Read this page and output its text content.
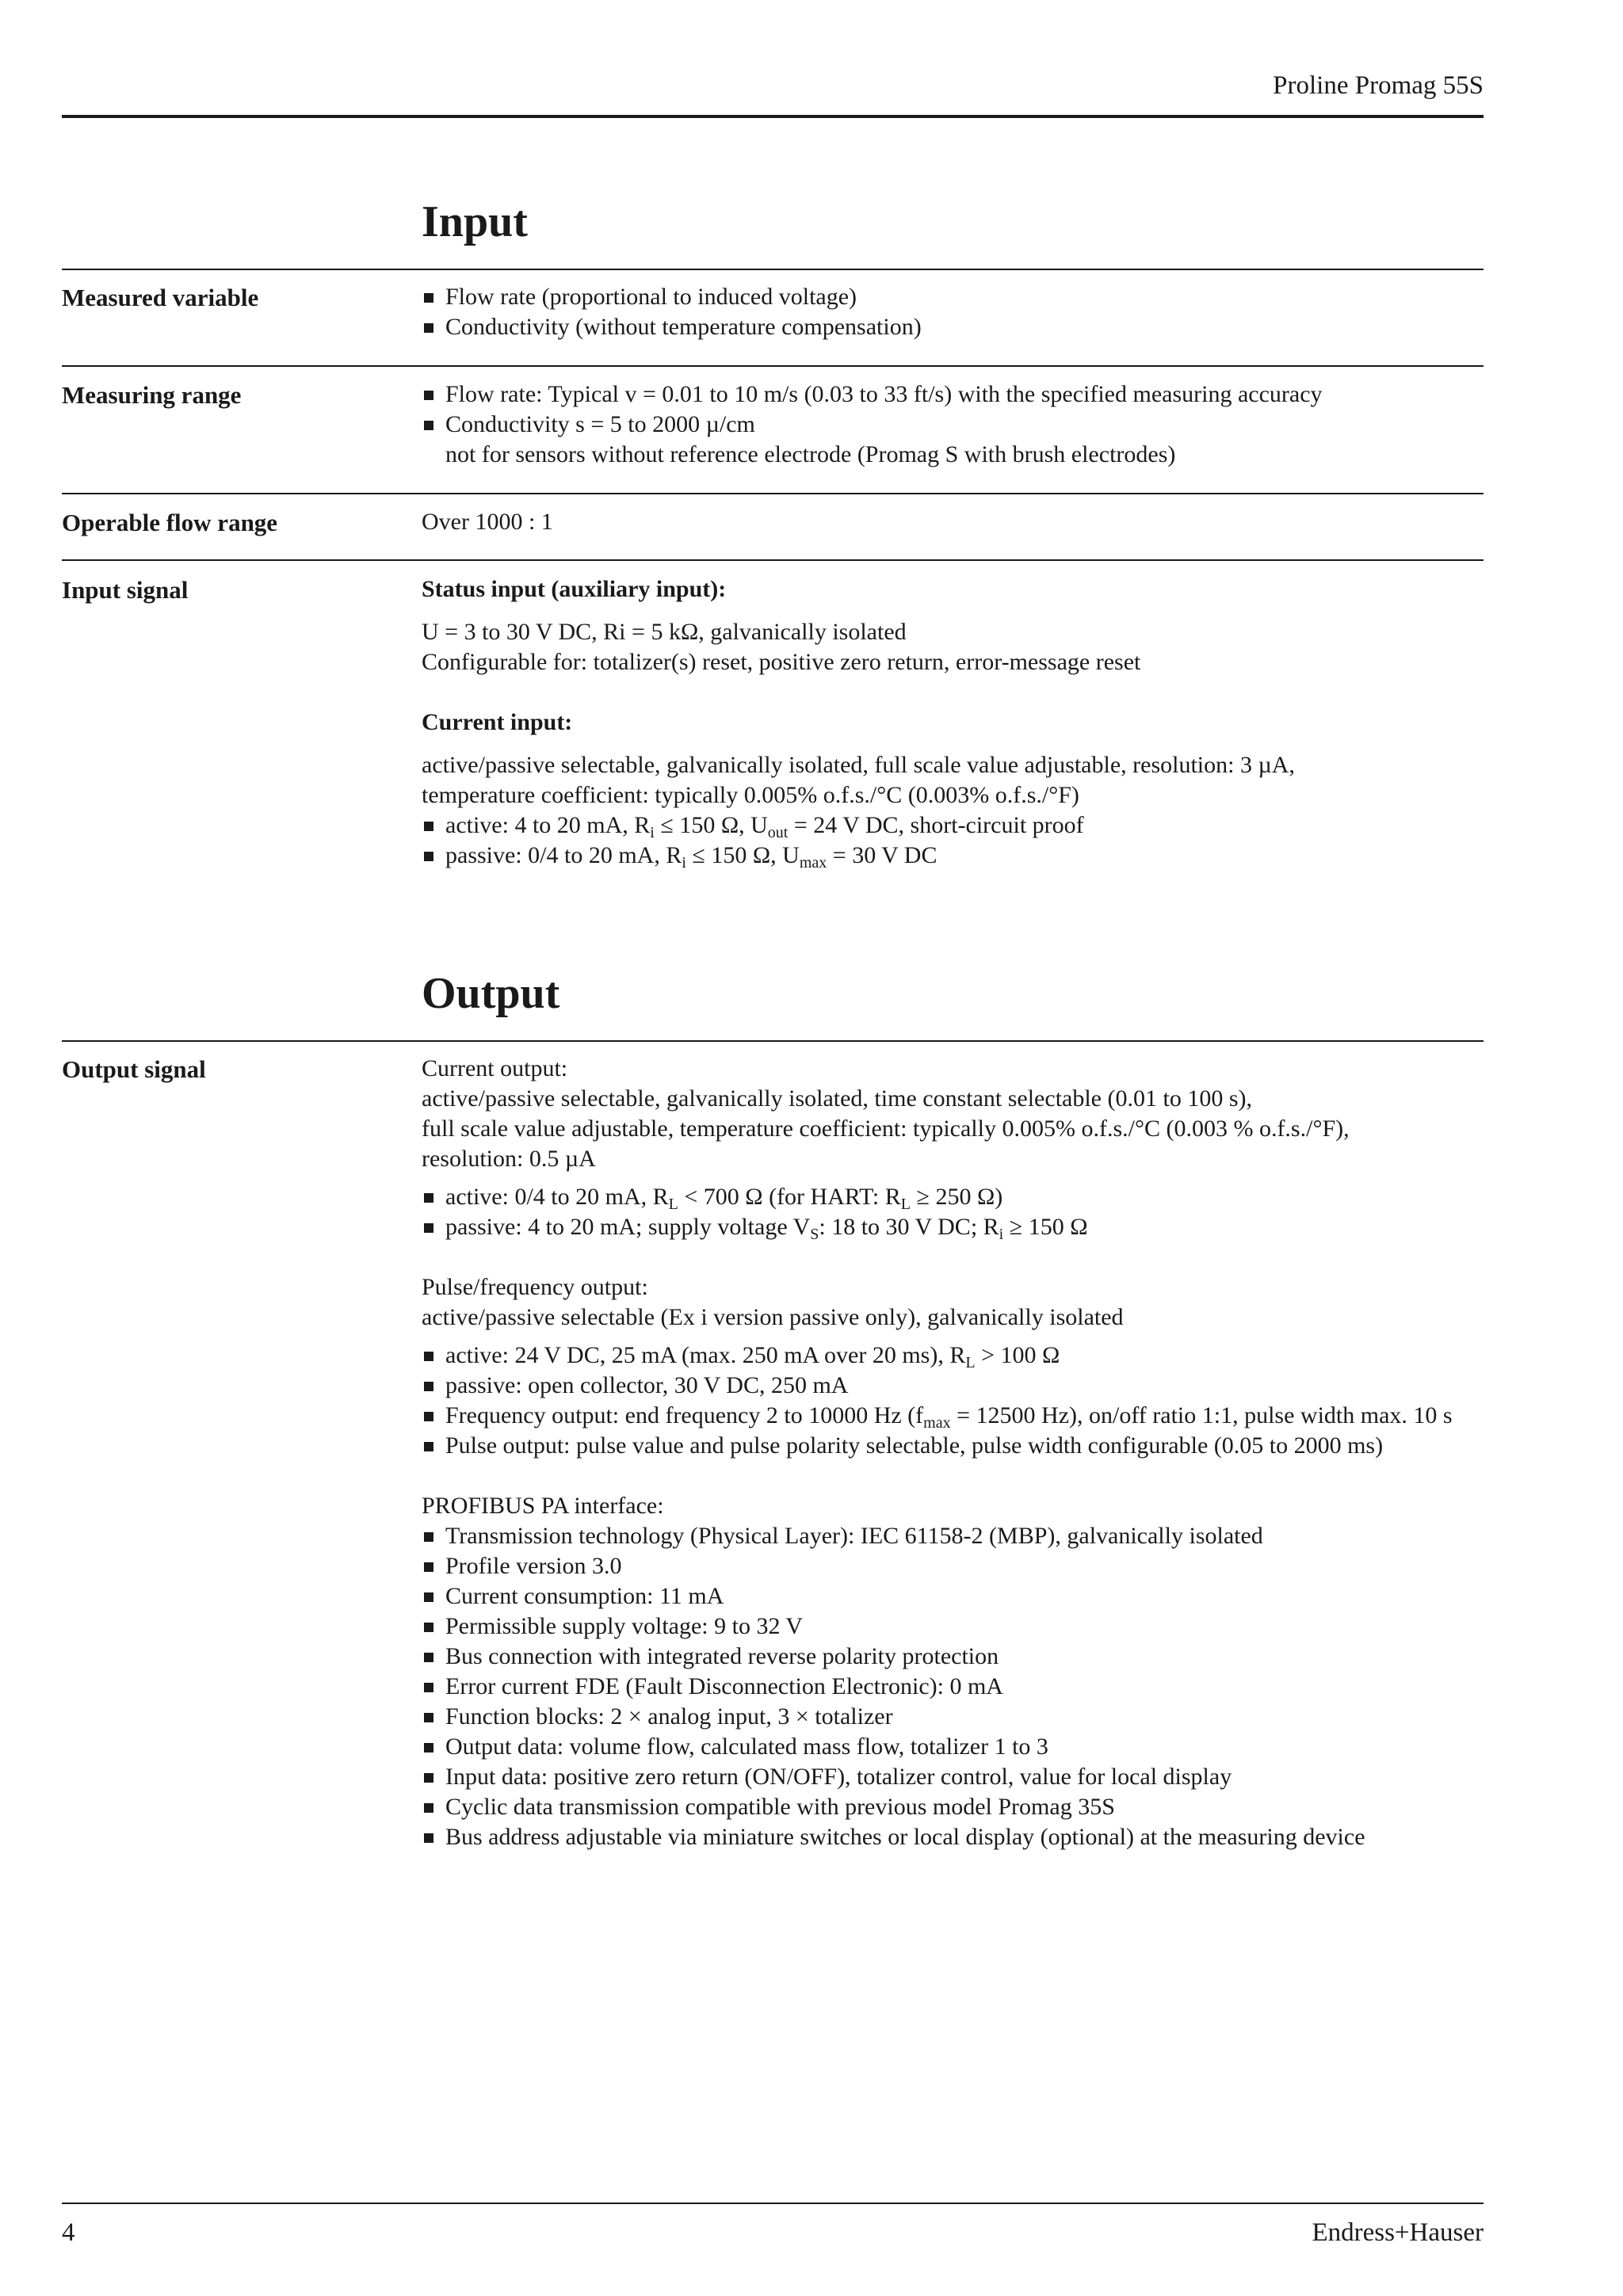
Proline Promag 55S
Input
Measured variable	Flow rate (proportional to induced voltage)
Conductivity (without temperature compensation)
Measuring range	Flow rate: Typical v = 0.01 to 10 m/s (0.03 to 33 ft/s) with the specified measuring accuracy
Conductivity s = 5 to 2000 µ/cm

not for sensors without reference electrode (Promag S with brush electrodes)

Operable flow range	Over 1000 : 1

Input signal	Status input (auxiliary input):

U = 3 to 30 V DC, Ri = 5 kΩ, galvanically isolated

Configurable for: totalizer(s) reset, positive zero return, error-message reset

Current input:

active/passive selectable, galvanically isolated, full scale value adjustable, resolution: 3 µA,

temperature coefficient: typically 0.005% o.f.s./°C (0.003% o.f.s./°F)

active: 4 to 20 mA, $R_i \le 150$ Ω, $U_{out} = 24$ V DC, short-circuit proof
passive: 0/4 to 20 mA, $R_i \le 150$ Ω, $U_{max} = 30$ V DC
Output
Output signal	Current output:

active/passive selectable, galvanically isolated, time constant selectable (0.01 to 100 s),

full scale value adjustable, temperature coefficient: typically 0.005% o.f.s./°C (0.003 % o.f.s./°F),

resolution: 0.5 µA

active: 0/4 to 20 mA, $R_L < 700$ Ω (for HART: $R_L \ge 250$ Ω)
passive: 4 to 20 mA; supply voltage $V_S$: 18 to 30 V DC; $R_i \ge 150$ Ω

Pulse/frequency output:

active/passive selectable (Ex i version passive only), galvanically isolated

active: 24 V DC, 25 mA (max. 250 mA over 20 ms), $R_L > 100$ Ω
passive: open collector, 30 V DC, 250 mA
Frequency output: end frequency 2 to 10000 Hz ($f_{max} = 12500$ Hz), on/off ratio 1:1, pulse width max. 10 s
Pulse output: pulse value and pulse polarity selectable, pulse width configurable (0.05 to 2000 ms)

PROFIBUS PA interface:

Transmission technology (Physical Layer): IEC 61158-2 (MBP), galvanically isolated
Profile version 3.0
Current consumption: 11 mA
Permissible supply voltage: 9 to 32 V
Bus connection with integrated reverse polarity protection
Error current FDE (Fault Disconnection Electronic): 0 mA
Function blocks: 2 × analog input, 3 × totalizer
Output data: volume flow, calculated mass flow, totalizer 1 to 3
Input data: positive zero return (ON/OFF), totalizer control, value for local display
Cyclic data transmission compatible with previous model Promag 35S
Bus address adjustable via miniature switches or local display (optional) at the measuring device
4	Endress+Hauser
